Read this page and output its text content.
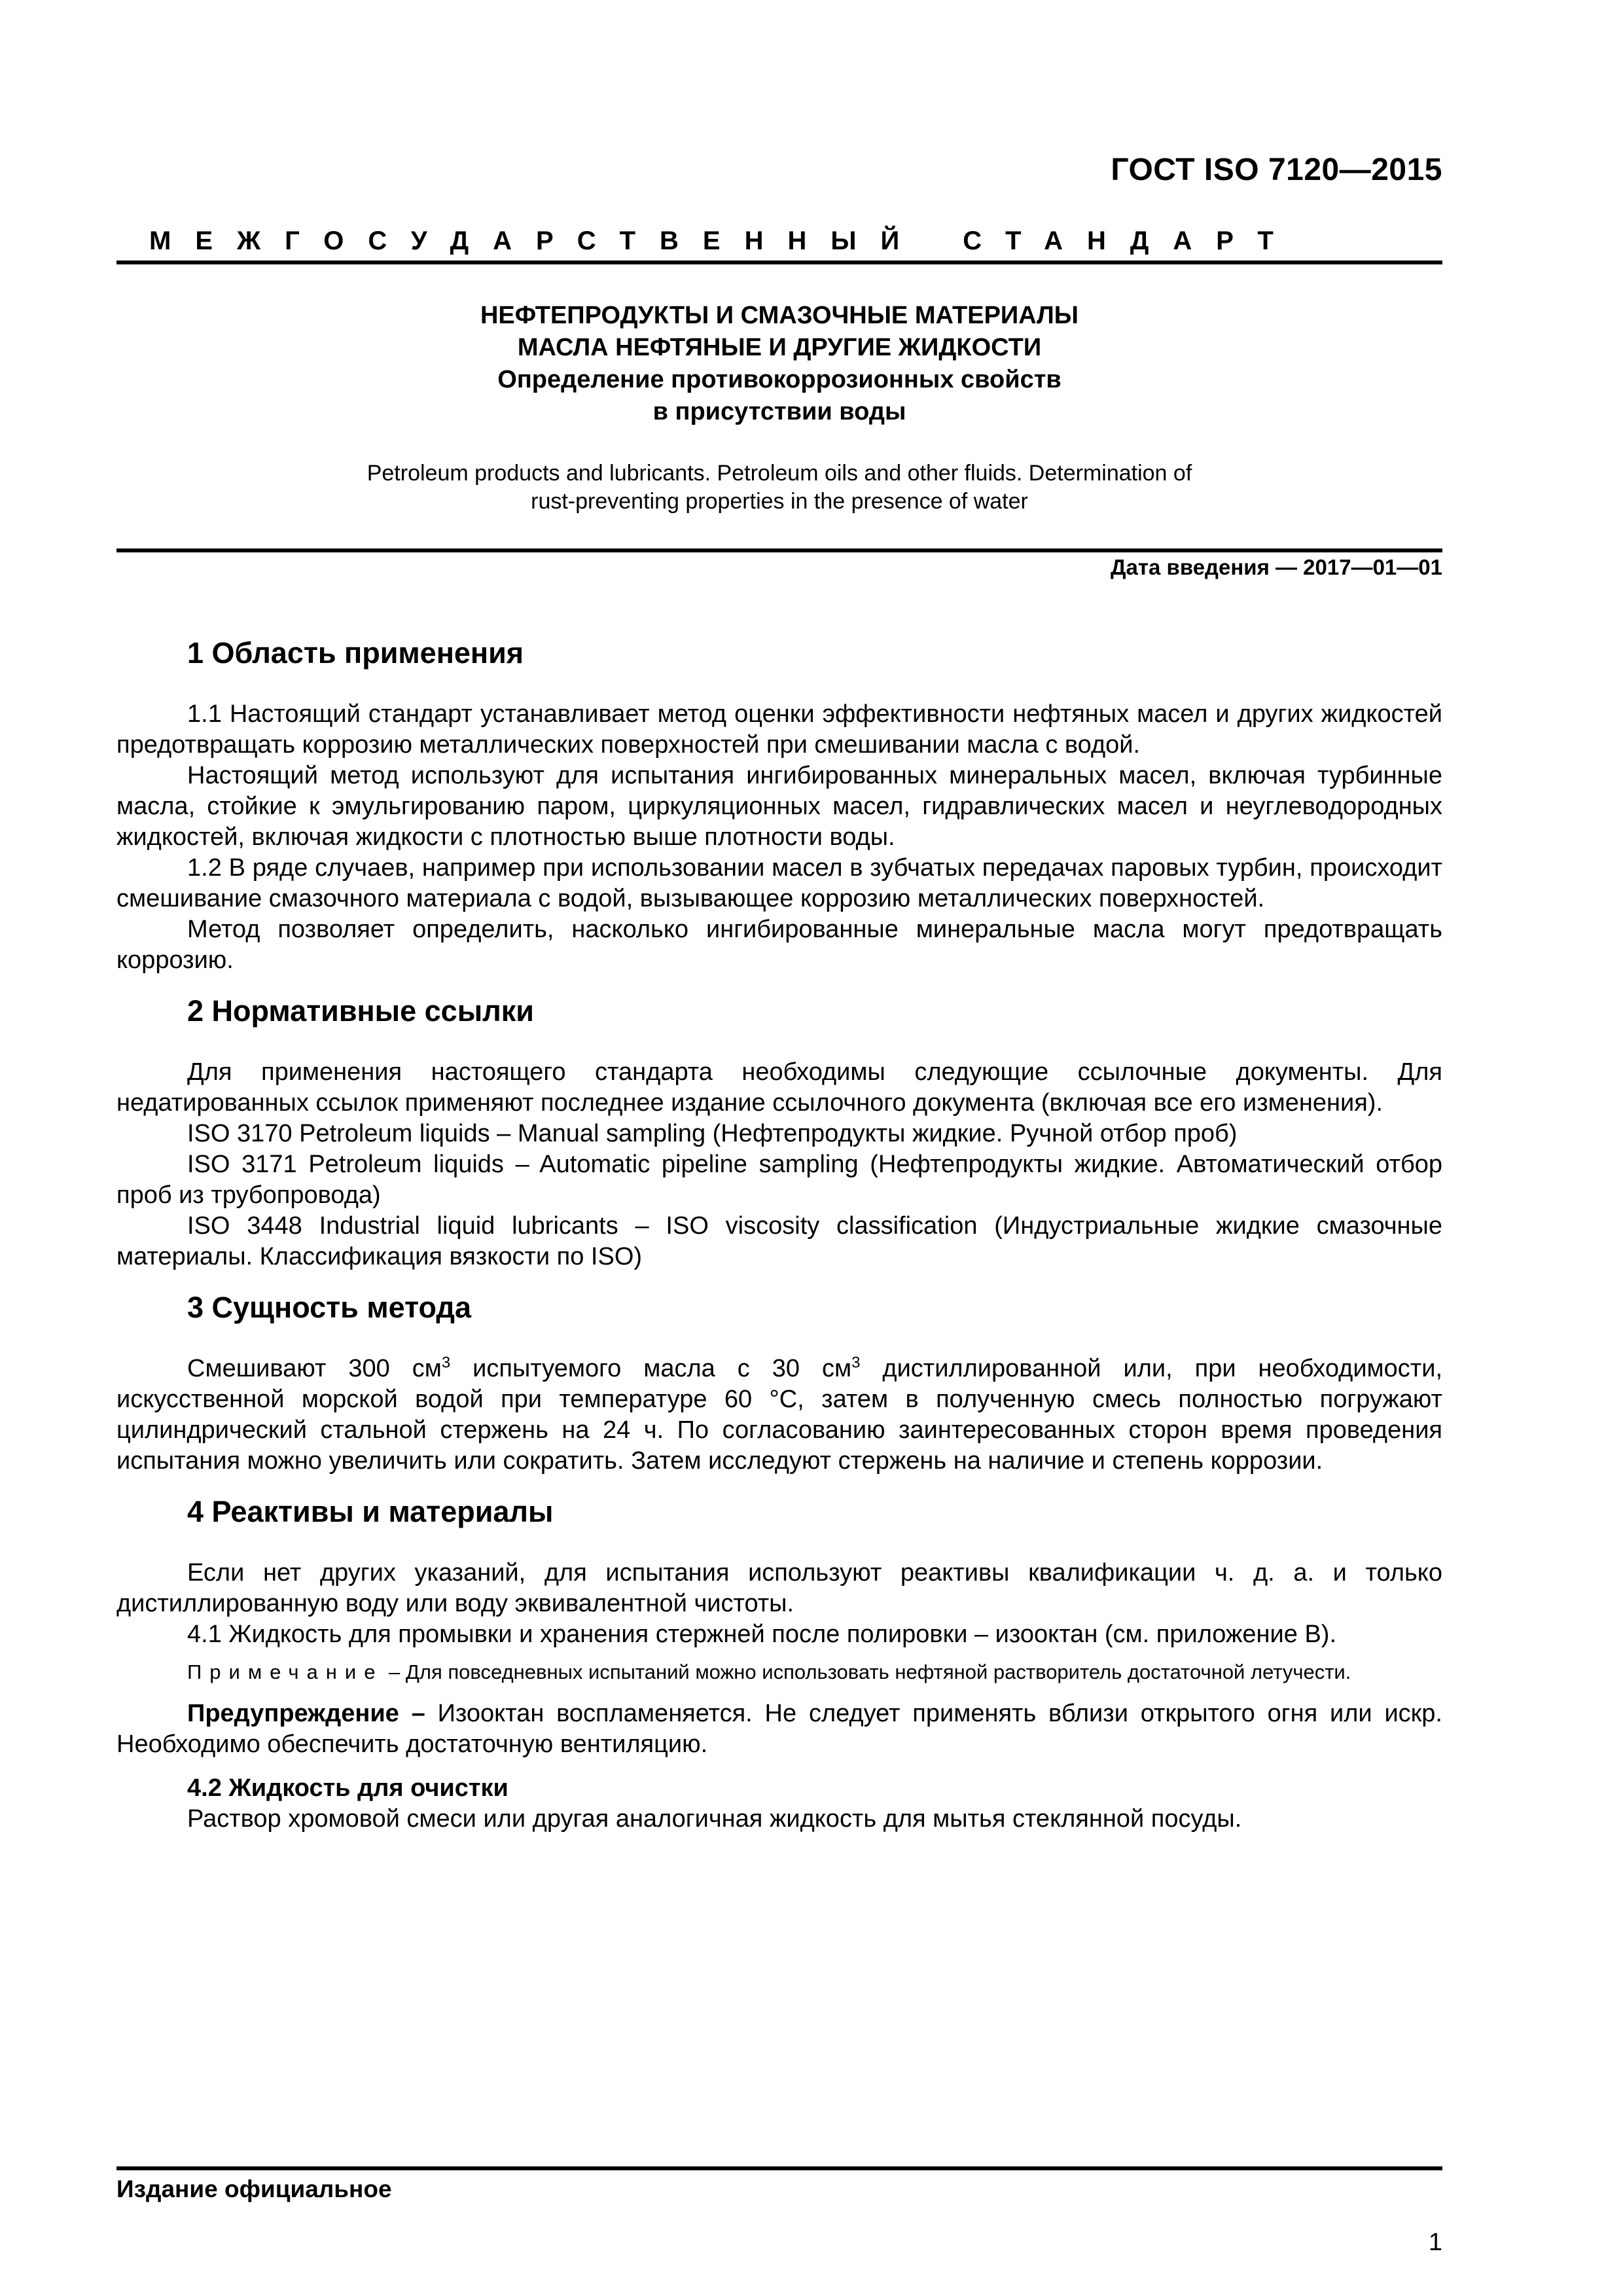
ГОСТ ISO 7120—2015
МЕЖГОСУДАРСТВЕННЫЙ СТАНДАРТ
НЕФТЕПРОДУКТЫ И СМАЗОЧНЫЕ МАТЕРИАЛЫ
МАСЛА НЕФТЯНЫЕ И ДРУГИЕ ЖИДКОСТИ
Определение противокоррозионных свойств
в присутствии воды
Petroleum products and lubricants. Petroleum oils and other fluids. Determination of
rust-preventing properties in the presence of water
Дата введения — 2017—01—01
1 Область применения

1.1 Настоящий стандарт устанавливает метод оценки эффективности нефтяных масел и других жидкостей предотвращать коррозию металлических поверхностей при смешивании масла с водой.

Настоящий метод используют для испытания ингибированных минеральных масел, включая турбинные масла, стойкие к эмульгированию паром, циркуляционных масел, гидравлических масел и неуглеводородных жидкостей, включая жидкости с плотностью выше плотности воды.

1.2 В ряде случаев, например при использовании масел в зубчатых передачах паровых турбин, происходит смешивание смазочного материала с водой, вызывающее коррозию металлических поверхностей.

Метод позволяет определить, насколько ингибированные минеральные масла могут предотвращать коррозию.

2 Нормативные ссылки

Для применения настоящего стандарта необходимы следующие ссылочные документы. Для недатированных ссылок применяют последнее издание ссылочного документа (включая все его изменения).

ISO 3170 Petroleum liquids – Manual sampling (Нефтепродукты жидкие. Ручной отбор проб)

ISO 3171 Petroleum liquids – Automatic pipeline sampling (Нефтепродукты жидкие. Автоматический отбор проб из трубопровода)

ISO 3448 Industrial liquid lubricants – ISO viscosity classification (Индустриальные жидкие смазочные материалы. Классификация вязкости по ISO)

3 Сущность метода

Смешивают 300 $см^3$ испытуемого масла с 30 $см^3$ дистиллированной или, при необходимости, искусственной морской водой при температуре 60 °С, затем в полученную смесь полностью погружают цилиндрический стальной стержень на 24 ч. По согласованию заинтересованных сторон время проведения испытания можно увеличить или сократить. Затем исследуют стержень на наличие и степень коррозии.

4 Реактивы и материалы

Если нет других указаний, для испытания используют реактивы квалификации ч. д. а. и только дистиллированную воду или воду эквивалентной чистоты.

4.1 Жидкость для промывки и хранения стержней после полировки – изооктан (см. приложение В).

Примечание – Для повседневных испытаний можно использовать нефтяной растворитель достаточной летучести.

Предупреждение – Изооктан воспламеняется. Не следует применять вблизи открытого огня или искр. Необходимо обеспечить достаточную вентиляцию.

4.2 Жидкость для очистки

Раствор хромовой смеси или другая аналогичная жидкость для мытья стеклянной посуды.

Издание официальное
1
